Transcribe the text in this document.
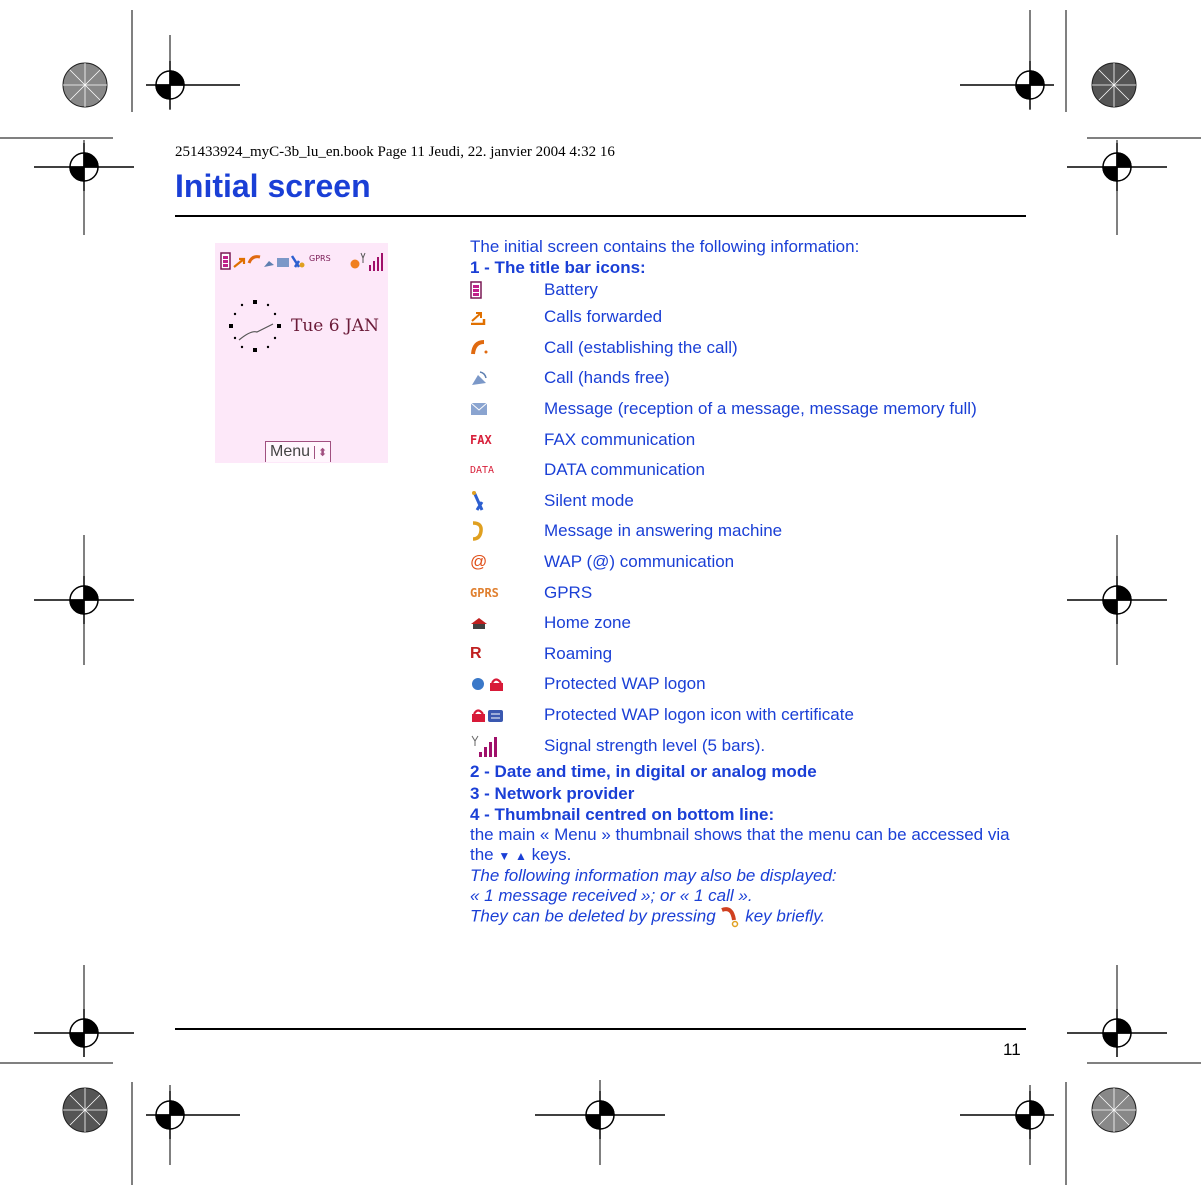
251433924_myC-3b_lu_en.book Page 11 Jeudi, 22. janvier 2004 4:32 16
Initial screen
GPRS
Tue 6 JAN
Menu ⬍

The initial screen contains the following information:

1 - The title bar icons:

Battery
Calls forwarded
Call (establishing the call)
Call (hands free)
Message (reception of a message, message memory full)
FAX	FAX communication
DATA	DATA communication
Silent mode
Message in answering machine
@	WAP (@) communication
GPRS	GPRS
Home zone
R	Roaming
Protected WAP logon
Protected WAP logon icon with certificate
Signal strength level (5 bars).

2 - Date and time, in digital or analog mode

3 - Network provider

4 - Thumbnail centred on bottom line:

the main « Menu » thumbnail shows that the menu can be accessed via the ▼ ▲ keys.

The following information may also be displayed:

« 1 message received »; or « 1 call ».

They can be deleted by pressing key briefly.

11
